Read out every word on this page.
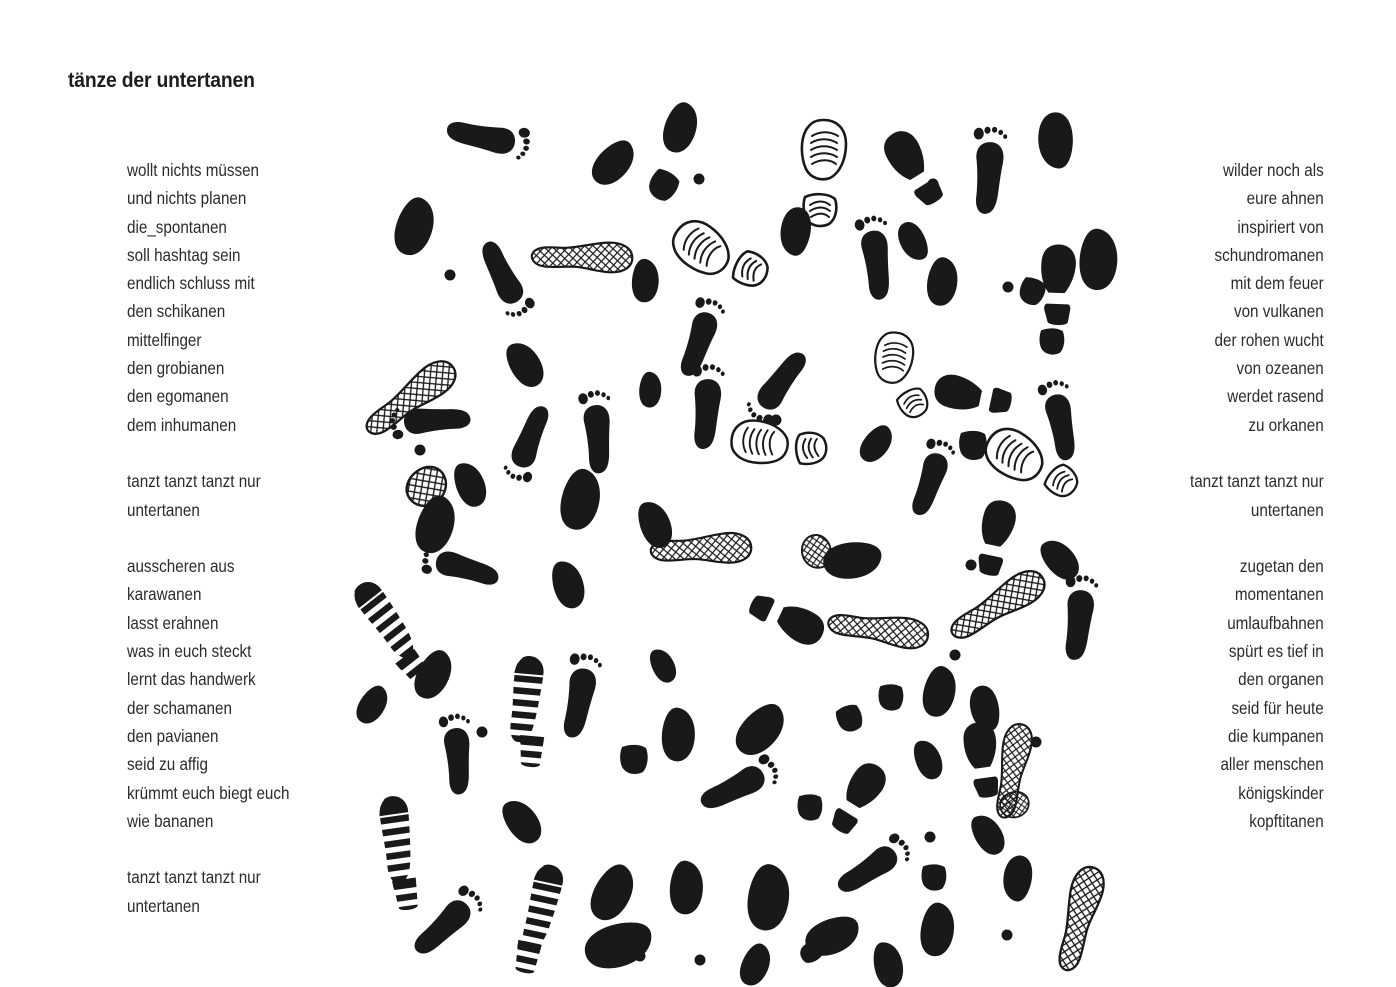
tänze der untertanen
wollt nichts müssen
und nichts planen
die_spontanen
soll hashtag sein
endlich schluss mit
den schikanen
mittelfinger
den grobianen
den egomanen
dem inhumanen
tanzt tanzt tanzt nur
untertanen
ausscheren aus
karawanen
lasst erahnen
was in euch steckt
lernt das handwerk
der schamanen
den pavianen
seid zu affig
krümmt euch biegt euch
wie bananen
tanzt tanzt tanzt nur
untertanen
wilder noch als
eure ahnen
inspiriert von
schundromanen
mit dem feuer
von vulkanen
der rohen wucht
von ozeanen
werdet rasend
zu orkanen
tanzt tanzt tanzt nur
untertanen
zugetan den
momentanen
umlaufbahnen
spürt es tief in
den organen
seid für heute
die kumpanen
aller menschen
königskinder
kopftitanen
